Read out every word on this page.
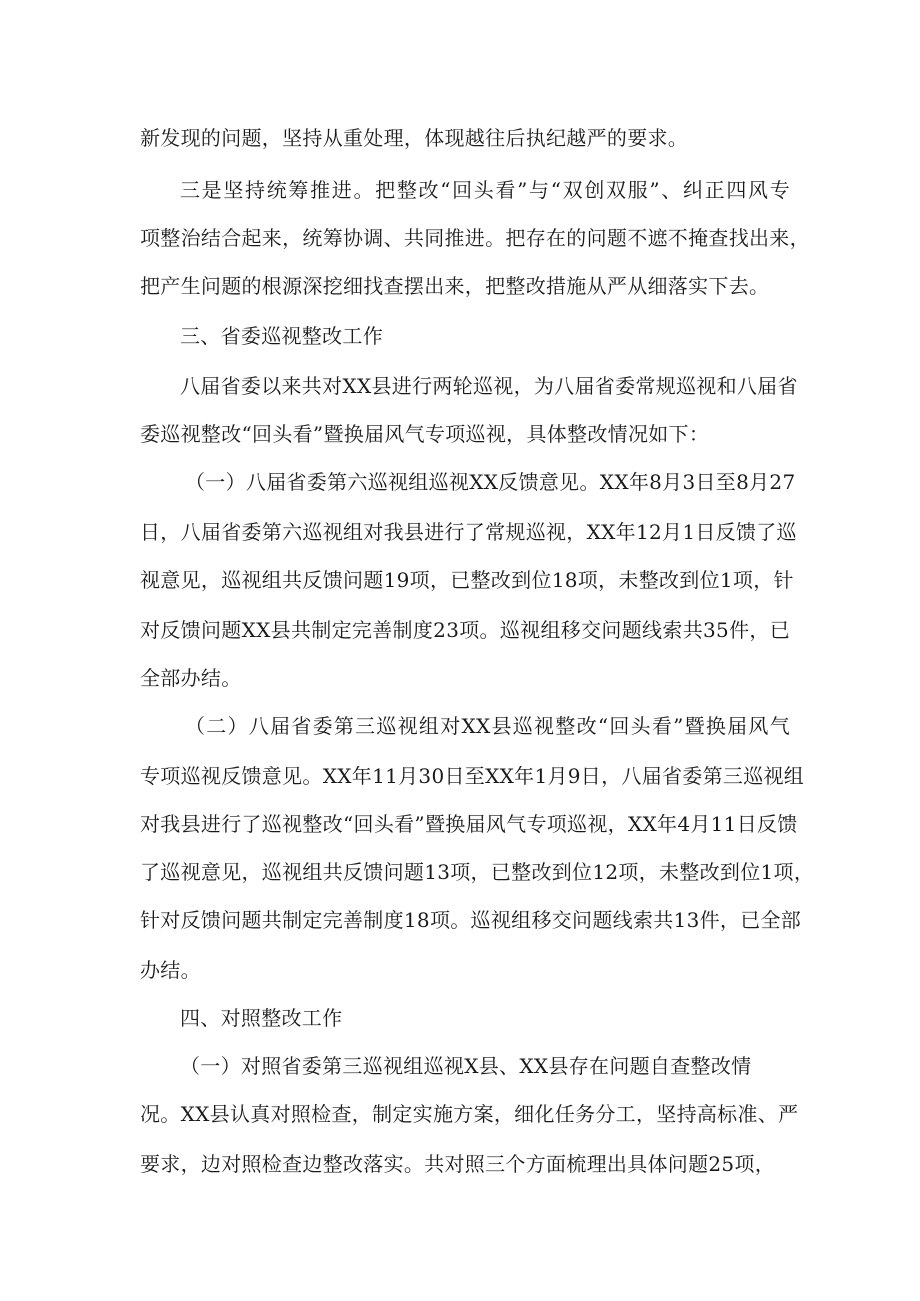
新发现的问题，坚持从重处理，体现越往后执纪越严的要求。
三是坚持统筹推进。把整改“回头看”与“双创双服”、纠正四风专
项整治结合起来，统筹协调、共同推进。把存在的问题不遮不掩查找出来，
把产生问题的根源深挖细找查摆出来，把整改措施从严从细落实下去。
三、省委巡视整改工作
八届省委以来共对XX县进行两轮巡视，为八届省委常规巡视和八届省
委巡视整改“回头看”暨换届风气专项巡视，具体整改情况如下：
（一）八届省委第六巡视组巡视XX反馈意见。XX年8月3日至8月27
日，八届省委第六巡视组对我县进行了常规巡视，XX年12月1日反馈了巡
视意见，巡视组共反馈问题19项，已整改到位18项，未整改到位1项，针
对反馈问题XX县共制定完善制度23项。巡视组移交问题线索共35件，已
全部办结。
（二）八届省委第三巡视组对XX县巡视整改“回头看”暨换届风气
专项巡视反馈意见。XX年11月30日至XX年1月9日，八届省委第三巡视组
对我县进行了巡视整改“回头看”暨换届风气专项巡视，XX年4月11日反馈
了巡视意见，巡视组共反馈问题13项，已整改到位12项，未整改到位1项，
针对反馈问题共制定完善制度18项。巡视组移交问题线索共13件，已全部
办结。
四、对照整改工作
（一）对照省委第三巡视组巡视X县、XX县存在问题自查整改情
况。XX县认真对照检查，制定实施方案，细化任务分工，坚持高标准、严
要求，边对照检查边整改落实。共对照三个方面梳理出具体问题25项，
